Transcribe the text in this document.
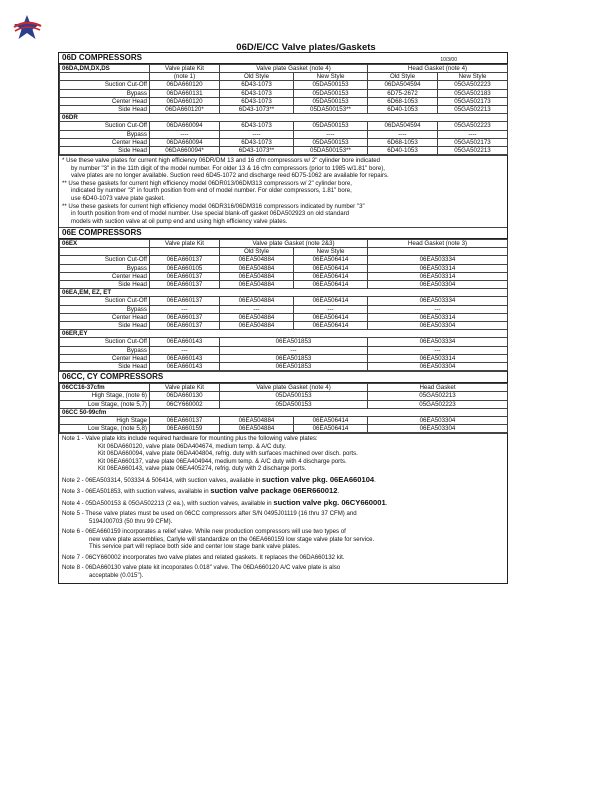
06D/E/CC Valve plates/Gaskets
06D COMPRESSORS	10/3/00
06DA,DM,DX,DS	Valve plate Kit	Valve plate Gasket (note 4)		Head Gasket (note 4)	
	(note 1)	Old Style	New Style	Old Style	New Style
Suction Cut-Off	06DA660120	6D43-1073	05DA500153	06DA504594	05GA502223
Bypass	06DA660131	6D43-1073	05DA500153	6D75-2672	05GA502183
Center Head	06DA660120	6D43-1073	05DA500153	6D68-1053	05GA502173
Side Head	06DA660120*	6D43-1073**	05DA500153**	6D40-1053	05GA502213
06DR					
Suction Cut-Off	06DA660094	6D43-1073	05DA500153	06DA504594	05GA502223
Bypass	----	----	----	----	----
Center Head	06DA660094	6D43-1073	05DA500153	6D68-1053	05GA502173
Side Head	06DA660094*	6D43-1073**	05DA500153**	6D40-1053	05GA502213

* Use these valve plates for current high efficiency 06DR/DM 13 and 16 cfm compressors w/ 2" cylinder bore indicated
by number "3" in the 11th digit of the model number. For older 13 & 16 cfm compressors (prior to 1985 w/1.81" bore),
valve plates are no longer available. Suction reed 6D45-1072 and discharge reed 6D75-1062 are available for repairs.

** Use these gaskets for current high efficiency model 06DR013/06DM313 compressors w/ 2" cylinder bore,
indicated by number "3" in fourth position from end of model number. For older compressors, 1.81" bore,
use 6D40-1073 valve plate gasket.

** Use these gaskets for current high efficiency model 06DR316/06DM316 compressors indicated by number "3"
in fourth position from end of model number. Use special blank-off gasket 06DA502923 on old standard
models with suction valve at oil pump end and using high efficiency valve plates.

06E COMPRESSORS
06EX	Valve plate Kit	Valve plate Gasket (note 2&3)		Head Gasket (note 3)
		Old Style	New Style	
Suction Cut-Off	06EA660137	06EA504884	06EA506414	06EA503334
Bypass	06EA660105	06EA504884	06EA506414	06EA503314
Center Head	06EA660137	06EA504884	06EA506414	06EA503314
Side Head	06EA660137	06EA504884	06EA506414	06EA503304
06EA,EM, EZ, ET				
Suction Cut-Off	06EA660137	06EA504884	06EA506414	06EA503334
Bypass	---	---	---	---
Center Head	06EA660137	06EA504884	06EA506414	06EA503314
Side Head	06EA660137	06EA504884	06EA506414	06EA503304
06ER,EY				
Suction Cut-Off	06EA660143	06EA501853		06EA503334
Bypass	---	---		---
Center Head	06EA660143	06EA501853		06EA503314
Side Head	06EA660143	06EA501853		06EA503304
06CC, CY COMPRESSORS
06CC16-37cfm	Valve plate Kit	Valve plate Gasket (note 4)		Head Gasket
High Stage, (note 6)	06DA660130	05DA500153		05GA502213
Low Stage, (note 5,7)	06CY660002	05DA500153		05GA502223
06CC 50-99cfm				
High Stage	06EA660137	06EA504884	06EA506414	06EA503304
Low Stage, (note 5,8)	06EA660159	06EA504884	06EA506414	06EA503304
Note 1 - Valve plate kits include required hardware for mounting plus the following valve plates:
Kit 06DA660120, valve plate 06DA404674, medium temp. & A/C duty.
Kit 06DA660094, valve plate 06DA404804, refrig. duty with surfaces machined over disch. ports.
Kit 06EA660137, valve plate 06EA404944, medium temp. & A/C duty with 4 discharge ports.
Kit 06EA660143, valve plate 06EA405274, refrig. duty with 2 discharge ports.
Note 2 - 06EA503314, 503334 & 506414, with suction valves, available in suction valve pkg. 06EA660104.
Note 3 - 06EA501853, with suction valves, available in suction valve package 06ER660012.
Note 4 - 05DA500153 & 05GA502213 (2 ea.), with suction valves, available in suction valve pkg. 06CY660001.
Note 5 - These valve plates must be used on 06CC compressors after S/N 0495J01119 (16 thru 37 CFM) and
5194J00703 (50 thru 99 CFM).
Note 6 - 06EA660159 incorporates a relief valve. While new production compressors will use two types of
new valve plate assemblies, Carlyle will standardize on the 06EA660159 low stage valve plate for service.
This service part will replace both side and center low stage bank valve plates.
Note 7 - 06CY660002 incorporates two valve plates and related gaskets. It replaces the 06DA660132 kit.
Note 8 - 06DA660130 valve plate kit incoporates 0.018" valve. The 06DA660120 A/C valve plate is also
acceptable (0.015").
